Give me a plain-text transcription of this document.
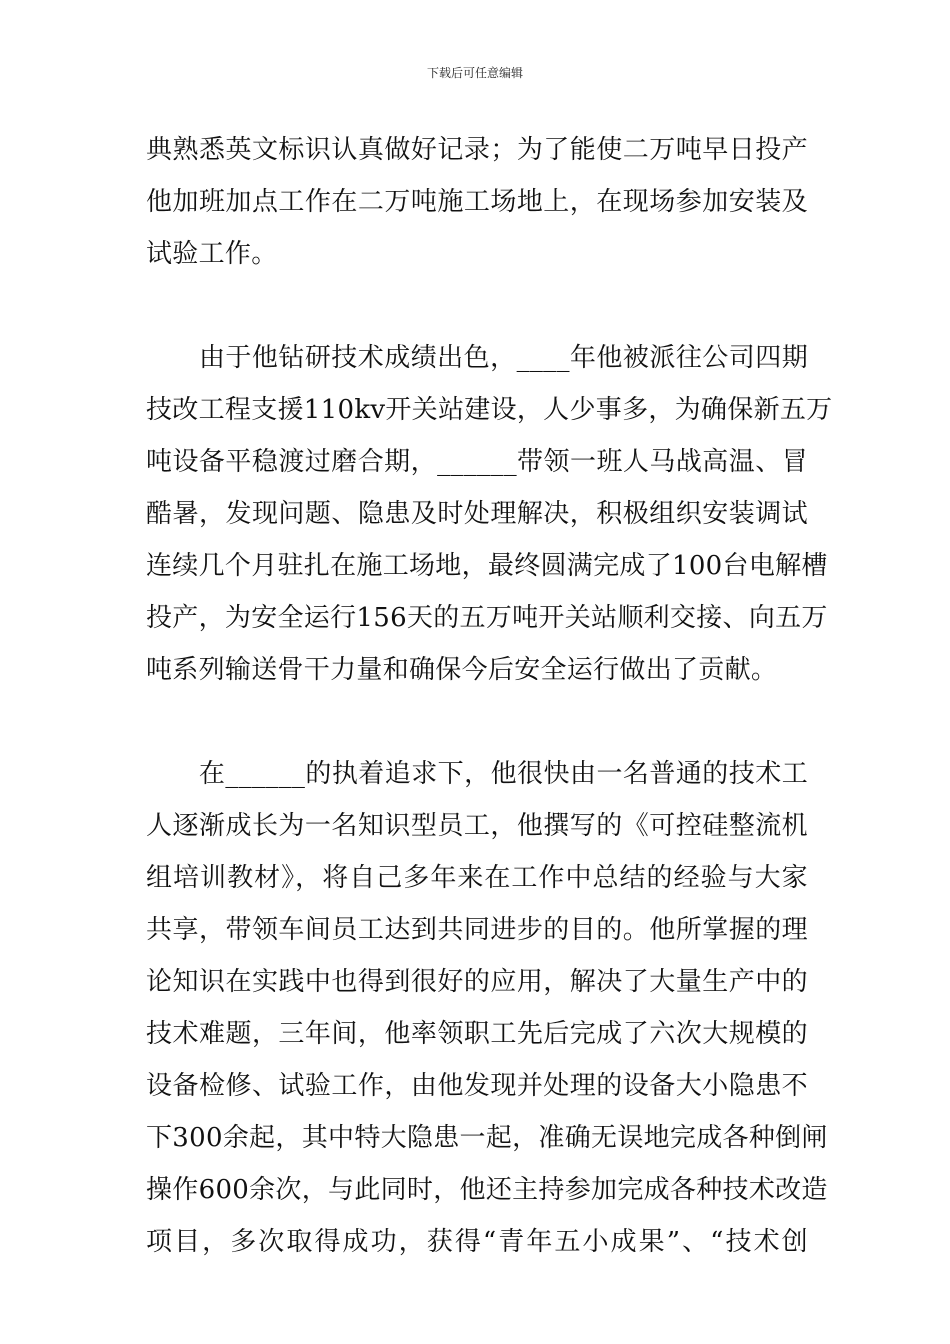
下载后可任意编辑
典熟悉英文标识认真做好记录；为了能使二万吨早日投产
他加班加点工作在二万吨施工场地上，在现场参加安装及
试验工作。
　　由于他钻研技术成绩出色，____年他被派往公司四期
技改工程支援110kv开关站建设，人少事多，为确保新五万
吨设备平稳渡过磨合期，______带领一班人马战高温、冒
酷暑，发现问题、隐患及时处理解决，积极组织安装调试
连续几个月驻扎在施工场地，最终圆满完成了100台电解槽
投产，为安全运行156天的五万吨开关站顺利交接、向五万
吨系列输送骨干力量和确保今后安全运行做出了贡献。
　　在______的执着追求下，他很快由一名普通的技术工
人逐渐成长为一名知识型员工，他撰写的《可控硅整流机
组培训教材》，将自己多年来在工作中总结的经验与大家
共享，带领车间员工达到共同进步的目的。他所掌握的理
论知识在实践中也得到很好的应用，解决了大量生产中的
技术难题，三年间，他率领职工先后完成了六次大规模的
设备检修、试验工作，由他发现并处理的设备大小隐患不
下300余起，其中特大隐患一起，准确无误地完成各种倒闸
操作600余次，与此同时，他还主持参加完成各种技术改造
项目，多次取得成功，获得“青年五小成果”、“技术创
